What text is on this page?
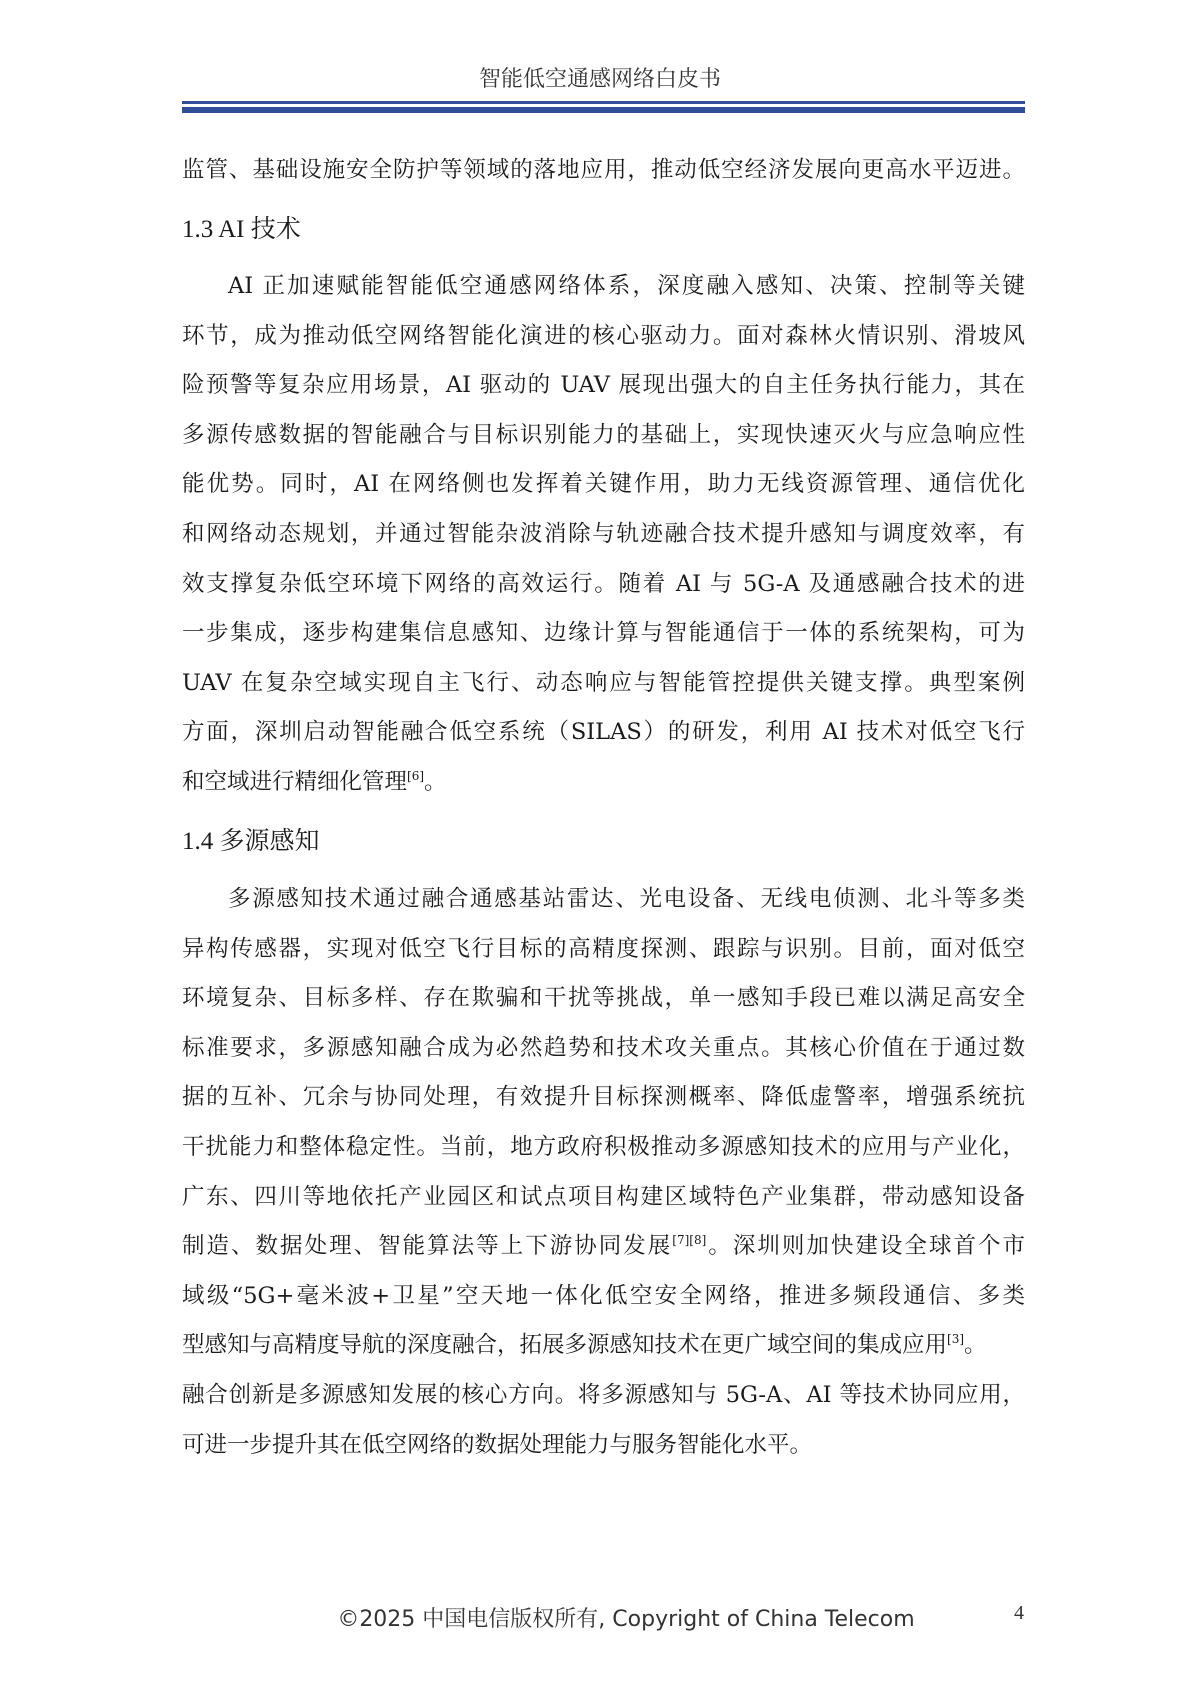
智能低空通感网络白皮书
监管、基础设施安全防护等领域的落地应用，推动低空经济发展向更高水平迈进。
1.3 AI 技术
AI 正加速赋能智能低空通感网络体系，深度融入感知、决策、控制等关键
环节，成为推动低空网络智能化演进的核心驱动力。面对森林火情识别、滑坡风
险预警等复杂应用场景，AI 驱动的 UAV 展现出强大的自主任务执行能力，其在
多源传感数据的智能融合与目标识别能力的基础上，实现快速灭火与应急响应性
能优势。同时，AI 在网络侧也发挥着关键作用，助力无线资源管理、通信优化
和网络动态规划，并通过智能杂波消除与轨迹融合技术提升感知与调度效率，有
效支撑复杂低空环境下网络的高效运行。随着 AI 与 5G-A 及通感融合技术的进
一步集成，逐步构建集信息感知、边缘计算与智能通信于一体的系统架构，可为
UAV 在复杂空域实现自主飞行、动态响应与智能管控提供关键支撑。典型案例
方面，深圳启动智能融合低空系统（SILAS）的研发，利用 AI 技术对低空飞行
和空域进行精细化管理[6]。
1.4 多源感知
多源感知技术通过融合通感基站雷达、光电设备、无线电侦测、北斗等多类
异构传感器，实现对低空飞行目标的高精度探测、跟踪与识别。目前，面对低空
环境复杂、目标多样、存在欺骗和干扰等挑战，单一感知手段已难以满足高安全
标准要求，多源感知融合成为必然趋势和技术攻关重点。其核心价值在于通过数
据的互补、冗余与协同处理，有效提升目标探测概率、降低虚警率，增强系统抗
干扰能力和整体稳定性。当前，地方政府积极推动多源感知技术的应用与产业化，
广东、四川等地依托产业园区和试点项目构建区域特色产业集群，带动感知设备
制造、数据处理、智能算法等上下游协同发展[7][8]。深圳则加快建设全球首个市
域级“5G+毫米波+卫星”空天地一体化低空安全网络，推进多频段通信、多类
型感知与高精度导航的深度融合，拓展多源感知技术在更广域空间的集成应用[3]。
融合创新是多源感知发展的核心方向。将多源感知与 5G-A、AI 等技术协同应用，
可进一步提升其在低空网络的数据处理能力与服务智能化水平。
©2025 中国电信版权所有, Copyright of China Telecom	4
